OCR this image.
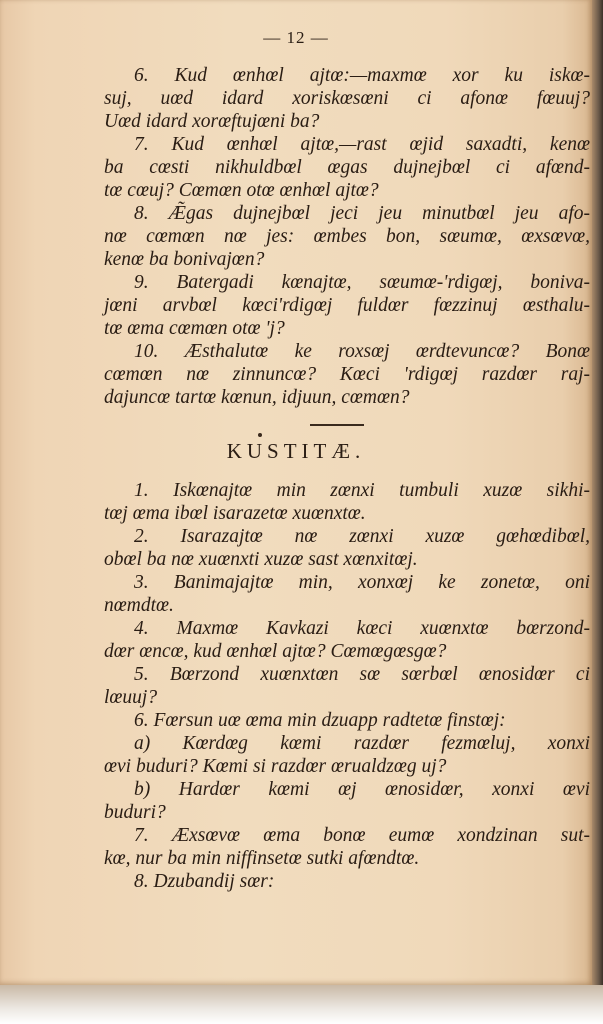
— 12 —
6. Kud œnhœl ajtœ:—maxmœ xor ku iskœ-
suj, uœd idard xoriskœsœni ci afonœ fœuuj?
Uœd idard xorœftujœni ba?
7. Kud œnhœl ajtœ,—rast œjid saxadti, kenœ
ba cœsti nikhuldbœl œgas dujnejbœl ci afœnd-
tœ cœuj? Cœmœn otœ œnhœl ajtœ?
8. Æ̃gas dujnejbœl jeci jeu minutbœl jeu afo-
nœ cœmœn nœ jes: œmbes bon, sœumœ, œxsœvœ,
kenœ ba bonivajœn?
9. Batergadi kœnajtœ, sœumœ-'rdigœj, boniva-
jœni arvbœl kœci'rdigœj fuldœr fœzzinuj œsthalu-
tœ œma cœmœn otœ 'j?
10. Æsthalutœ ke roxsœj œrdtevuncœ? Bonœ
cœmœn nœ zinnuncœ? Kœci 'rdigœj razdœr raj-
dajuncœ tartœ kœnun, idjuun, cœmœn?
KUSTITÆ.
1. Iskœnajtœ min zœnxi tumbuli xuzœ sikhi-
tœj œma ibœl isarazetœ xuœnxtœ.
2. Isarazajtœ nœ zœnxi xuzœ gœhœdibœl,
obœl ba nœ xuœnxti xuzœ sast xœnxitœj.
3. Banimajajtœ min, xonxœj ke zonetœ, oni
nœmdtœ.
4. Maxmœ Kavkazi kœci xuœnxtœ bœrzond-
dœr œncœ, kud œnhœl ajtœ? Cœmœgœsgœ?
5. Bœrzond xuœnxtœn sœ sœrbœl œnosidœr ci
lœuuj?
6. Fœrsun uœ œma min dzuapp radtetœ finstœj:
a) Kœrdœg kœmi razdœr fezmœluj, xonxi
œvi buduri? Kœmi si razdœr œrualdzœg uj?
b) Hardœr kœmi œj œnosidœr, xonxi œvi
buduri?
7. Æxsœvœ œma bonœ eumœ xondzinan sut-
kœ, nur ba min niffinsetœ sutki afœndtœ.
8. Dzubandij sœr:
